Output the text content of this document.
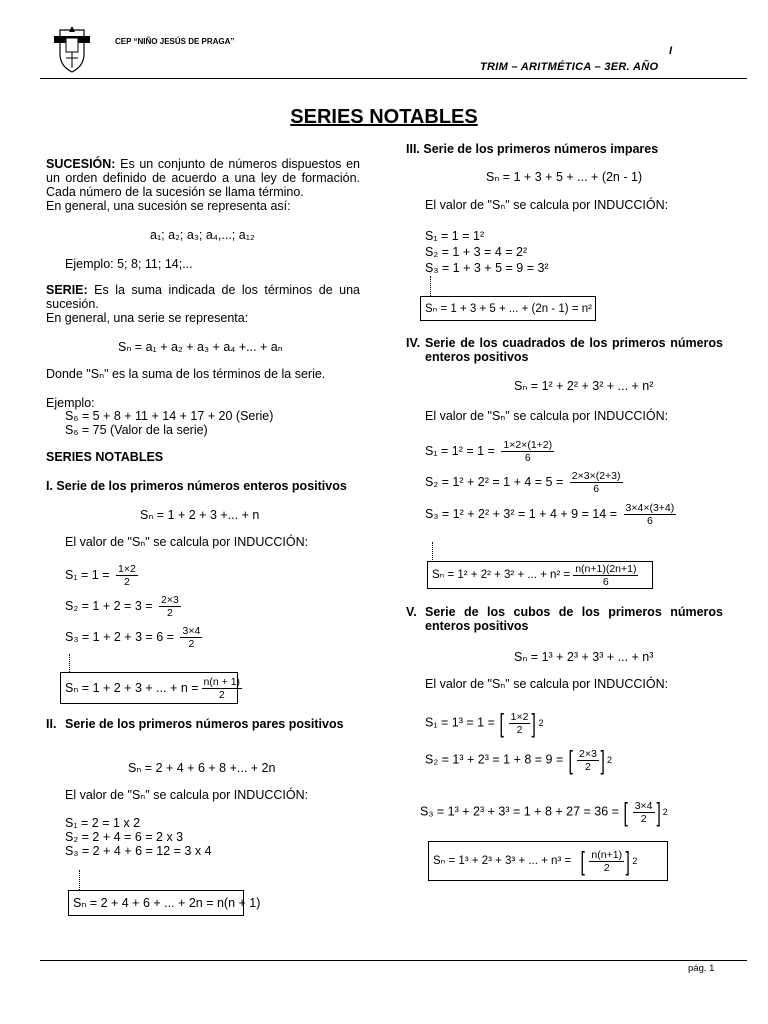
CEP “NIÑO JESÚS DE PRAGA”
I
TRIM – ARITMÉTICA – 3ER. AÑO
SERIES NOTABLES
SUCESIÓN: Es un conjunto de números dispuestos en un orden definido de acuerdo a una ley de formación. Cada número de la sucesión se llama término.
En general, una sucesión se representa así:
a₁; a₂; a₃; a₄,...; a₁₂
Ejemplo: 5; 8; 11; 14;...
SERIE: Es la suma indicada de los términos de una sucesión.
En general, una serie se representa:
Sₙ = a₁ + a₂ + a₃ + a₄ +... + aₙ
Donde "Sₙ" es la suma de los términos de la serie.
Ejemplo:
S₆ = 5 + 8 + 11 + 14 + 17 + 20 (Serie)
S₆ = 75 (Valor de la serie)
SERIES NOTABLES
I. Serie de los primeros números enteros positivos
Sₙ = 1 + 2 + 3 +... + n
El valor de "Sₙ" se calcula por INDUCCIÓN:
$S_1 = 1 = \frac{1\times 2}{2}$
$S_2 = 1 + 2 = 3 = \frac{2\times 3}{2}$
$S_3 = 1 + 2 + 3 = 6 = \frac{3\times 4}{2}$
Sₙ = 1 + 2 + 3 + ... + $n = \frac{n(n + 1)}{2}$
II. Serie de los primeros números pares positivos
Sₙ = 2 + 4 + 6 + 8 +... + 2n
El valor de "Sₙ" se calcula por INDUCCIÓN:
S₁ = 2 = 1 x 2
S₂ = 2 + 4 = 6 = 2 x 3
S₃ = 2 + 4 + 6 = 12 = 3 x 4
Sₙ = 2 + 4 + 6 + ... + 2n = n(n + 1)
III. Serie de los primeros números impares
Sₙ = 1 + 3 + 5 + ... + (2n - 1)
El valor de "Sₙ" se calcula por INDUCCIÓN:
S₁ = 1 = 1²
S₂ = 1 + 3 = 4 = 2²
S₃ = 1 + 3 + 5 = 9 = 3²
Sₙ = 1 + 3 + 5 + ... + (2n - 1) = n²
IV. Serie de los cuadrados de los primeros números enteros positivos
Sₙ = 1² + 2² + 3² + ... + n²
El valor de "Sₙ" se calcula por INDUCCIÓN:
$S_1 = 1^2 = 1 = \frac{1\times 2\times(1+2)}{6}$
$S_2 = 1^2 + 2^2 = 1 + 4 = 5 = \frac{2\times 3\times(2+3)}{6}$
$S_3 = 1^2 + 2^2 + 3^2 = 1 + 4 + 9 = 14 = \frac{3\times 4\times(3+4)}{6}$
Sₙ = 1² + 2² + 3² + ... + $n^2 = \frac{n(n+1)(2n+1)}{6}$
V. Serie de los cubos de los primeros números enteros positivos
Sₙ = 1³ + 2³ + 3³ + ... + n³
El valor de "Sₙ" se calcula por INDUCCIÓN:
S₁ = 1³ = 1 = [ $\frac{1\times 2}{2}$ ] 2
S₂ = 1³ + 2³ = 1 + 8 = 9 = [ $\frac{2\times 3}{2}$ ] 2
S₃ = 1³ + 2³ + 3³ = 1 + 8 + 27 = 36 = [ $\frac{3\times 4}{2}$ ] 2
Sₙ = 1³ + 2³ + 3³ + ... + n³ = [ $\frac{n(n+1)}{2}$ ] 2
pág. 1
